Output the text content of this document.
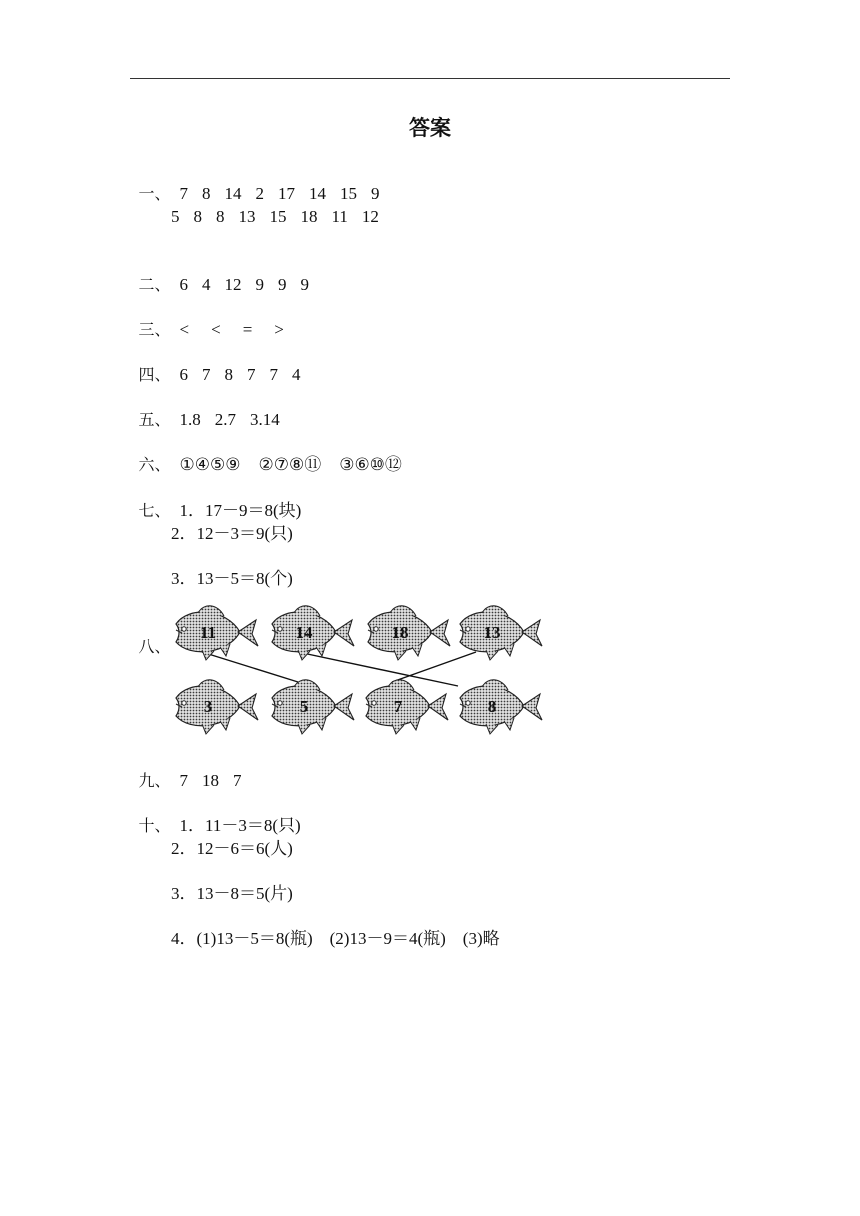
答案

一、 7 8 14 2 17 14 15 9

5 8 8 13 15 18 11 12

二、 6 4 12 9 9 9

三、 < < = >

四、 6 7 8 7 7 4

五、 1.8 2.7 3.14

六、 ①④⑤⑨ ②⑦⑧⑪ ③⑥⑩⑫

七、 1．17－9＝8(块)

2．12－3＝9(只)
3．13－5＝8(个)

八、

11	14	18	13
3	5	7	8

九、 7 18 7

十、 1．11－3＝8(只)

2．12－6＝6(人)
3．13－8＝5(片)
4．(1)13－5＝8(瓶)　(2)13－9＝4(瓶)　(3)略
